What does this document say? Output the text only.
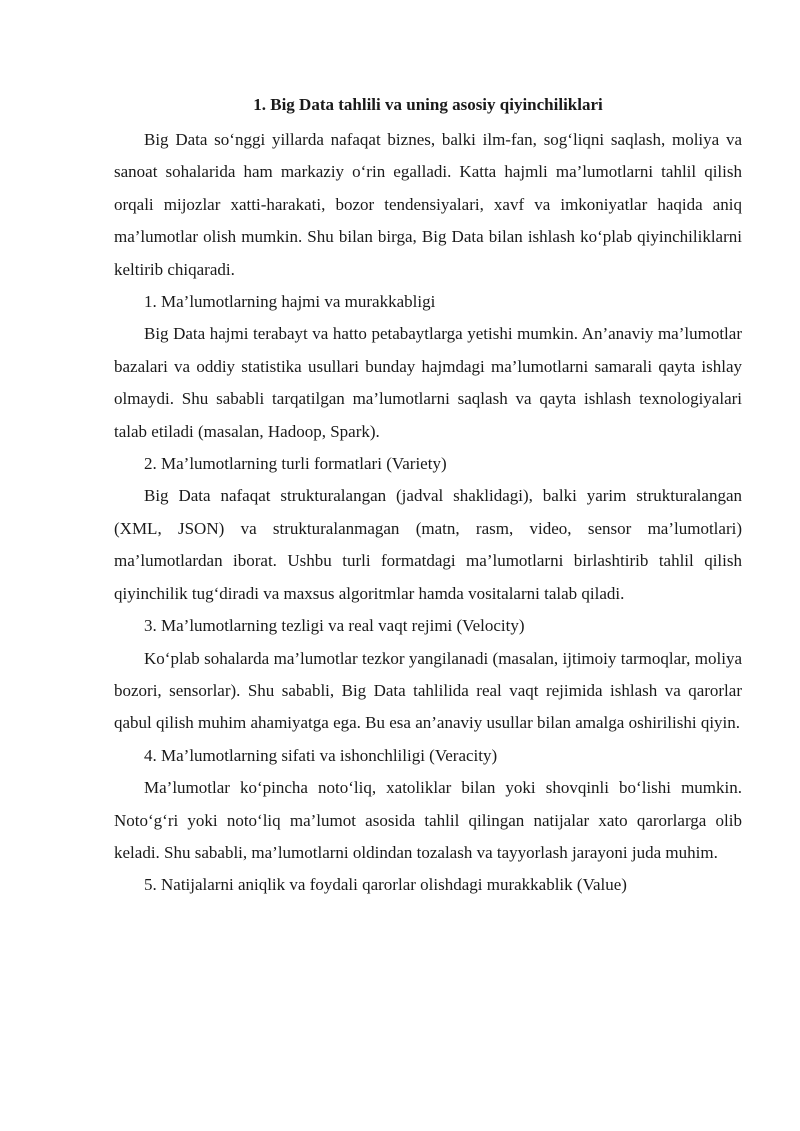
1. Big Data tahlili va uning asosiy qiyinchiliklari

Big Data so‘nggi yillarda nafaqat biznes, balki ilm-fan, sog‘liqni saqlash, moliya va sanoat sohalarida ham markaziy o‘rin egalladi. Katta hajmli ma’lumotlarni tahlil qilish orqali mijozlar xatti-harakati, bozor tendensiyalari, xavf va imkoniyatlar haqida aniq ma’lumotlar olish mumkin. Shu bilan birga, Big Data bilan ishlash ko‘plab qiyinchiliklarni keltirib chiqaradi.

1. Ma’lumotlarning hajmi va murakkabligi

Big Data hajmi terabayt va hatto petabaytlarga yetishi mumkin. An’anaviy ma’lumotlar bazalari va oddiy statistika usullari bunday hajmdagi ma’lumotlarni samarali qayta ishlay olmaydi. Shu sababli tarqatilgan ma’lumotlarni saqlash va qayta ishlash texnologiyalari talab etiladi (masalan, Hadoop, Spark).

2. Ma’lumotlarning turli formatlari (Variety)

Big Data nafaqat strukturalangan (jadval shaklidagi), balki yarim strukturalangan (XML, JSON) va strukturalanmagan (matn, rasm, video, sensor ma’lumotlari) ma’lumotlardan iborat. Ushbu turli formatdagi ma’lumotlarni birlashtirib tahlil qilish qiyinchilik tug‘diradi va maxsus algoritmlar hamda vositalarni talab qiladi.

3. Ma’lumotlarning tezligi va real vaqt rejimi (Velocity)

Ko‘plab sohalarda ma’lumotlar tezkor yangilanadi (masalan, ijtimoiy tarmoqlar, moliya bozori, sensorlar). Shu sababli, Big Data tahlilida real vaqt rejimida ishlash va qarorlar qabul qilish muhim ahamiyatga ega. Bu esa an’anaviy usullar bilan amalga oshirilishi qiyin.

4. Ma’lumotlarning sifati va ishonchliligi (Veracity)

Ma’lumotlar ko‘pincha noto‘liq, xatoliklar bilan yoki shovqinli bo‘lishi mumkin. Noto‘g‘ri yoki noto‘liq ma’lumot asosida tahlil qilingan natijalar xato qarorlarga olib keladi. Shu sababli, ma’lumotlarni oldindan tozalash va tayyorlash jarayoni juda muhim.

5. Natijalarni aniqlik va foydali qarorlar olishdagi murakkablik (Value)
